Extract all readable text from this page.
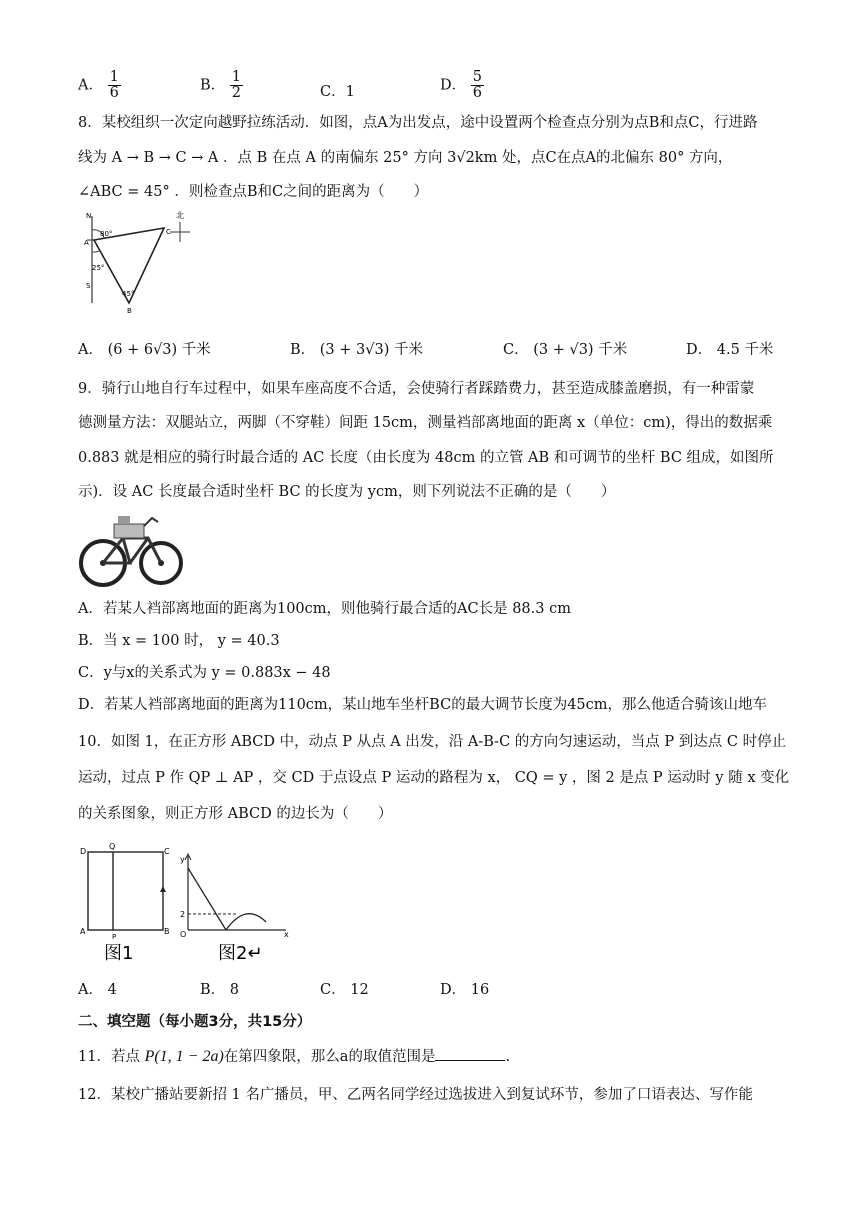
A． $\frac{1}{6}$	B． $\frac{1}{2}$	C．1	D． $\frac{5}{6}$
8．某校组织一次定向越野拉练活动．如图，点A为出发点，途中设置两个检查点分别为点B和点C，行进路
线为 A → B → C → A ．点 B 在点 A 的南偏东 25° 方向 3√2km 处，点C在点A的北偏东 80° 方向，
∠ABC = 45° ．则检查点B和C之间的距离为（　　）
北
N
S
A
C
B
80°
25°
45°
A． (6 + 6√3) 千米	B． (3 + 3√3) 千米	C． (3 + √3) 千米	D． 4.5 千米
9．骑行山地自行车过程中，如果车座高度不合适，会使骑行者踩踏费力，甚至造成膝盖磨损，有一种雷蒙
德测量方法：双腿站立，两脚（不穿鞋）间距 15cm，测量裆部离地面的距离 x（单位：cm)，得出的数据乘
0.883 就是相应的骑行时最合适的 AC 长度（由长度为 48cm 的立管 AB 和可调节的坐杆 BC 组成，如图所
示)．设 AC 长度最合适时坐杆 BC 的长度为 ycm，则下列说法不正确的是（　　）
A．若某人裆部离地面的距离为100cm，则他骑行最合适的AC长是 88.3 cm
B．当 x = 100 时， y = 40.3
C．y与x的关系式为 y = 0.883x − 48
D．若某人裆部离地面的距离为110cm，某山地车坐杆BC的最大调节长度为45cm，那么他适合骑该山地车
10．如图 1，在正方形 ABCD 中，动点 P 从点 A 出发，沿 A-B-C 的方向匀速运动，当点 P 到达点 C 时停止
运动，过点 P 作 QP ⊥ AP ，交 CD 于点设点 P 运动的路程为 x， CQ = y ，图 2 是点 P 运动时 y 随 x 变化
的关系图象，则正方形 ABCD 的边长为（　　）
D
Q
C
A
P
B
图1
y
2
O	x
图2↵
A． 4	B． 8	C． 12	D． 16
二、填空题（每小题3分，共15分）
11．若点 P(1, 1 − 2a)在第四象限，那么a的取值范围是	.
12．某校广播站要新招 1 名广播员，甲、乙两名同学经过选拔进入到复试环节，参加了口语表达、写作能
